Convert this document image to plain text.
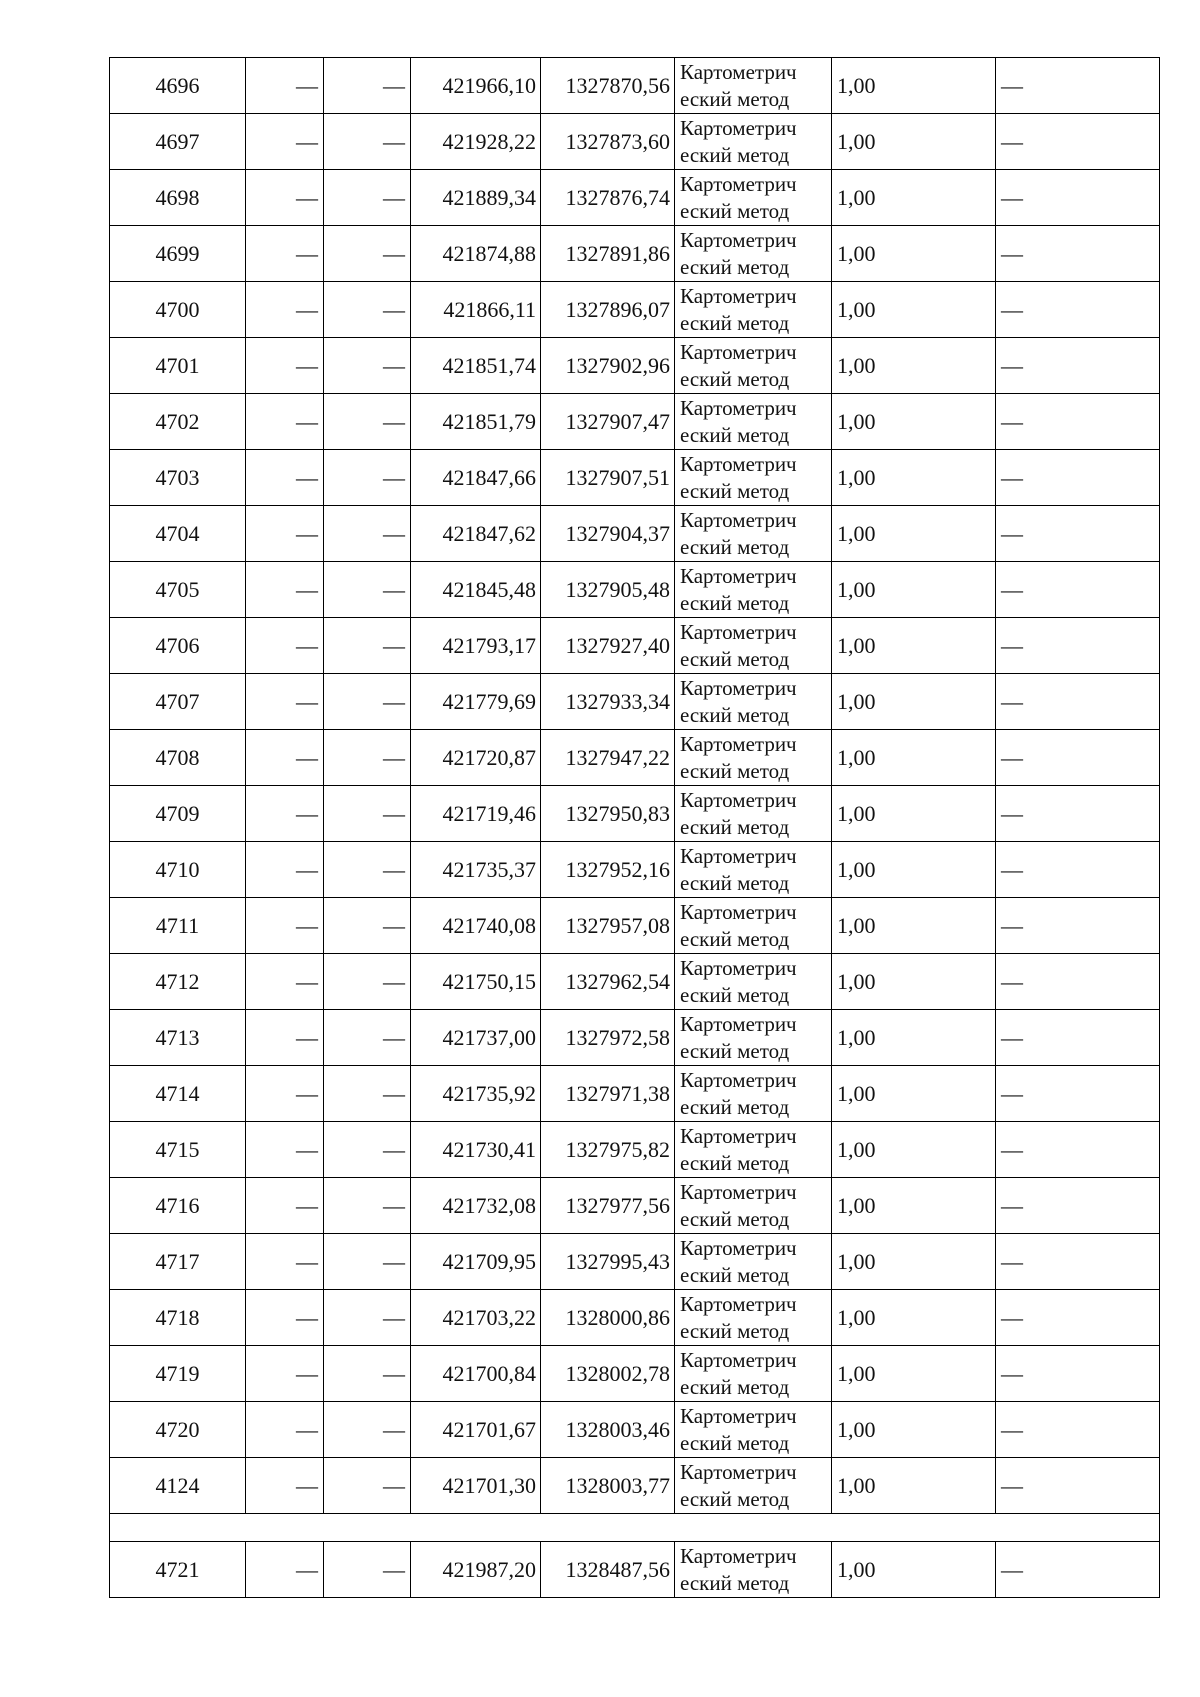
4696	—	—	421966,10	1327870,56	Картометрич
еский метод	1,00	—
4697	—	—	421928,22	1327873,60	Картометрич
еский метод	1,00	—
4698	—	—	421889,34	1327876,74	Картометрич
еский метод	1,00	—
4699	—	—	421874,88	1327891,86	Картометрич
еский метод	1,00	—
4700	—	—	421866,11	1327896,07	Картометрич
еский метод	1,00	—
4701	—	—	421851,74	1327902,96	Картометрич
еский метод	1,00	—
4702	—	—	421851,79	1327907,47	Картометрич
еский метод	1,00	—
4703	—	—	421847,66	1327907,51	Картометрич
еский метод	1,00	—
4704	—	—	421847,62	1327904,37	Картометрич
еский метод	1,00	—
4705	—	—	421845,48	1327905,48	Картометрич
еский метод	1,00	—
4706	—	—	421793,17	1327927,40	Картометрич
еский метод	1,00	—
4707	—	—	421779,69	1327933,34	Картометрич
еский метод	1,00	—
4708	—	—	421720,87	1327947,22	Картометрич
еский метод	1,00	—
4709	—	—	421719,46	1327950,83	Картометрич
еский метод	1,00	—
4710	—	—	421735,37	1327952,16	Картометрич
еский метод	1,00	—
4711	—	—	421740,08	1327957,08	Картометрич
еский метод	1,00	—
4712	—	—	421750,15	1327962,54	Картометрич
еский метод	1,00	—
4713	—	—	421737,00	1327972,58	Картометрич
еский метод	1,00	—
4714	—	—	421735,92	1327971,38	Картометрич
еский метод	1,00	—
4715	—	—	421730,41	1327975,82	Картометрич
еский метод	1,00	—
4716	—	—	421732,08	1327977,56	Картометрич
еский метод	1,00	—
4717	—	—	421709,95	1327995,43	Картометрич
еский метод	1,00	—
4718	—	—	421703,22	1328000,86	Картометрич
еский метод	1,00	—
4719	—	—	421700,84	1328002,78	Картометрич
еский метод	1,00	—
4720	—	—	421701,67	1328003,46	Картометрич
еский метод	1,00	—
4124	—	—	421701,30	1328003,77	Картометрич
еский метод	1,00	—

4721	—	—	421987,20	1328487,56	Картометрич
еский метод	1,00	—
